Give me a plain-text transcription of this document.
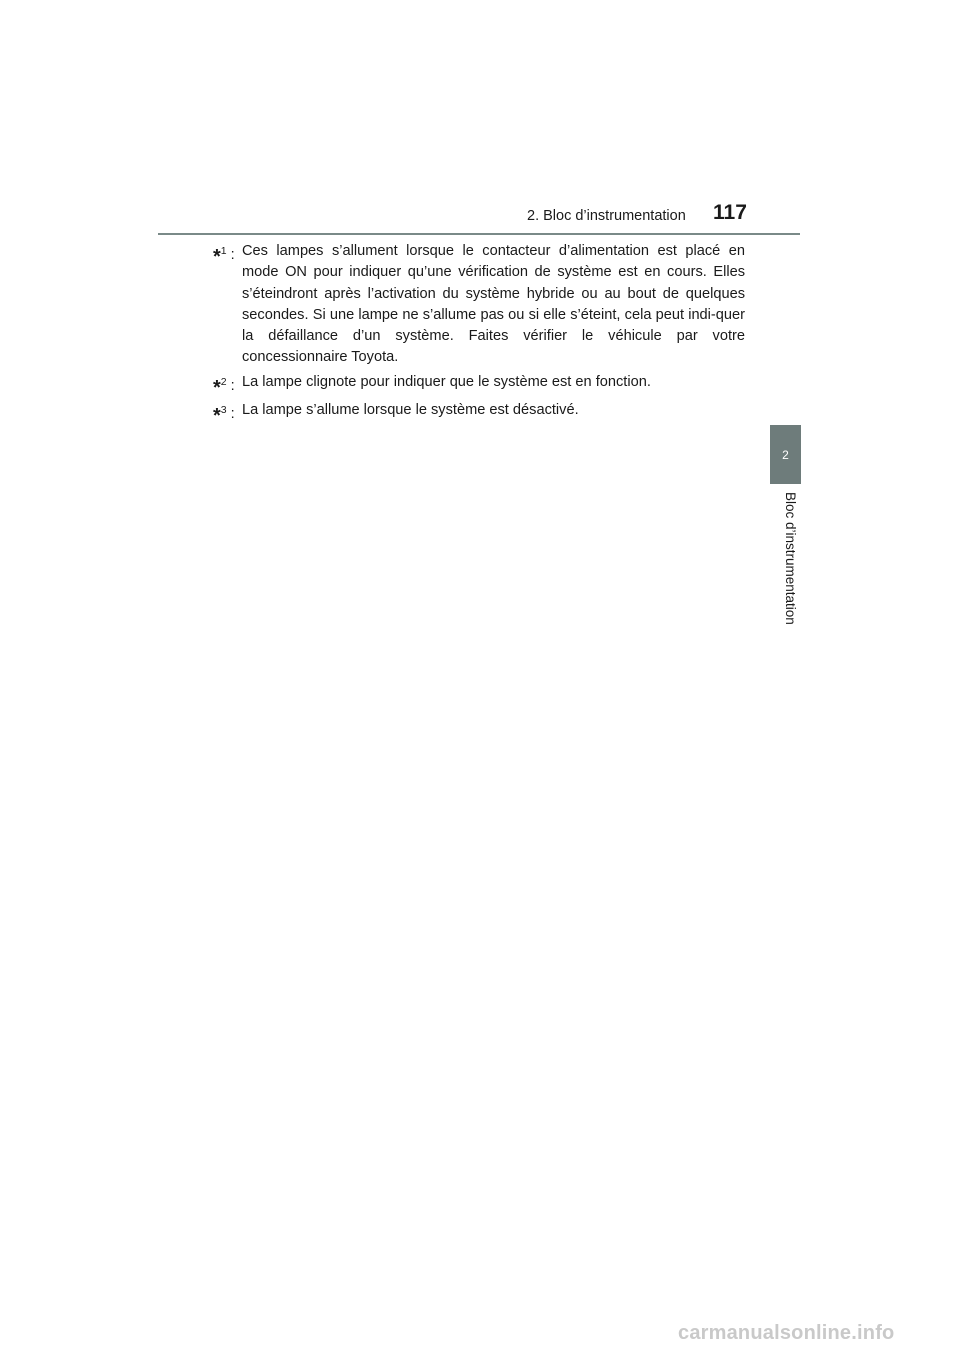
2. Bloc d’instrumentation 117
2
Bloc d’instrumentation
*$^1$ : Ces lampes s’allument lorsque le contacteur d’alimentation est placé en mode ON pour indiquer qu’une vérification de système est en cours. Elles s’éteindront après l’activation du système hybride ou au bout de quelques secondes. Si une lampe ne s’allume pas ou si elle s’éteint, cela peut indi-quer la défaillance d’un système. Faites vérifier le véhicule par votre concessionnaire Toyota.
*$^2$ : La lampe clignote pour indiquer que le système est en fonction.
*$^3$ : La lampe s’allume lorsque le système est désactivé.
carmanualsonline.info
